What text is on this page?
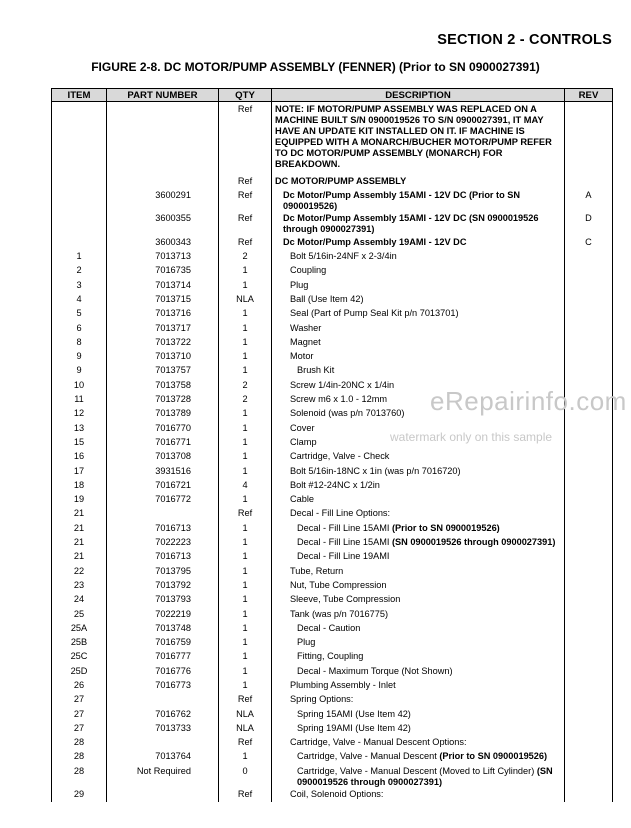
SECTION 2 - CONTROLS
FIGURE 2-8. DC MOTOR/PUMP ASSEMBLY (FENNER) (Prior to SN 0900027391)
ITEM	PART NUMBER	QTY	DESCRIPTION	REV
		Ref	NOTE: IF MOTOR/PUMP ASSEMBLY WAS REPLACED ON A MACHINE BUILT S/N 0900019526 TO S/N 0900027391, IT MAY HAVE AN UPDATE KIT INSTALLED ON IT. IF MACHINE IS EQUIPPED WITH A MONARCH/BUCHER MOTOR/PUMP REFER TO DC MOTOR/PUMP ASSEMBLY (MONARCH) FOR BREAKDOWN.	
		Ref	DC MOTOR/PUMP ASSEMBLY	
	3600291	Ref	Dc Motor/Pump Assembly 15AMI - 12V DC (Prior to SN 0900019526)	A
	3600355	Ref	Dc Motor/Pump Assembly 15AMI - 12V DC (SN 0900019526 through 0900027391)	D
	3600343	Ref	Dc Motor/Pump Assembly 19AMI - 12V DC	C
1	7013713	2	Bolt 5/16in-24NF x 2-3/4in	
2	7016735	1	Coupling	
3	7013714	1	Plug	
4	7013715	NLA	Ball (Use Item 42)	
5	7013716	1	Seal (Part of Pump Seal Kit p/n 7013701)	
6	7013717	1	Washer	
8	7013722	1	Magnet	
9	7013710	1	Motor	
9	7013757	1	Brush Kit	
10	7013758	2	Screw 1/4in-20NC x 1/4in	
11	7013728	2	Screw m6 x 1.0 - 12mm	
12	7013789	1	Solenoid (was p/n 7013760)	
13	7016770	1	Cover	
15	7016771	1	Clamp	
16	7013708	1	Cartridge, Valve - Check	
17	3931516	1	Bolt 5/16in-18NC x 1in (was p/n 7016720)	
18	7016721	4	Bolt #12-24NC x 1/2in	
19	7016772	1	Cable	
21		Ref	Decal - Fill Line Options:	
21	7016713	1	Decal - Fill Line 15AMI (Prior to SN 0900019526)	
21	7022223	1	Decal - Fill Line 15AMI (SN 0900019526 through 0900027391)	
21	7016713	1	Decal - Fill Line 19AMI	
22	7013795	1	Tube, Return	
23	7013792	1	Nut, Tube Compression	
24	7013793	1	Sleeve, Tube Compression	
25	7022219	1	Tank (was p/n 7016775)	
25A	7013748	1	Decal - Caution	
25B	7016759	1	Plug	
25C	7016777	1	Fitting, Coupling	
25D	7016776	1	Decal - Maximum Torque (Not Shown)	
26	7016773	1	Plumbing Assembly - Inlet	
27		Ref	Spring Options:	
27	7016762	NLA	Spring 15AMI (Use Item 42)	
27	7013733	NLA	Spring 19AMI (Use Item 42)	
28		Ref	Cartridge, Valve - Manual Descent Options:	
28	7013764	1	Cartridge, Valve - Manual Descent (Prior to SN 0900019526)	
28	Not Required	0	Cartridge, Valve - Manual Descent (Moved to Lift Cylinder) (SN 0900019526 through 0900027391)	
29		Ref	Coil, Solenoid Options:	
eRepairinfo.com
watermark only on this sample
